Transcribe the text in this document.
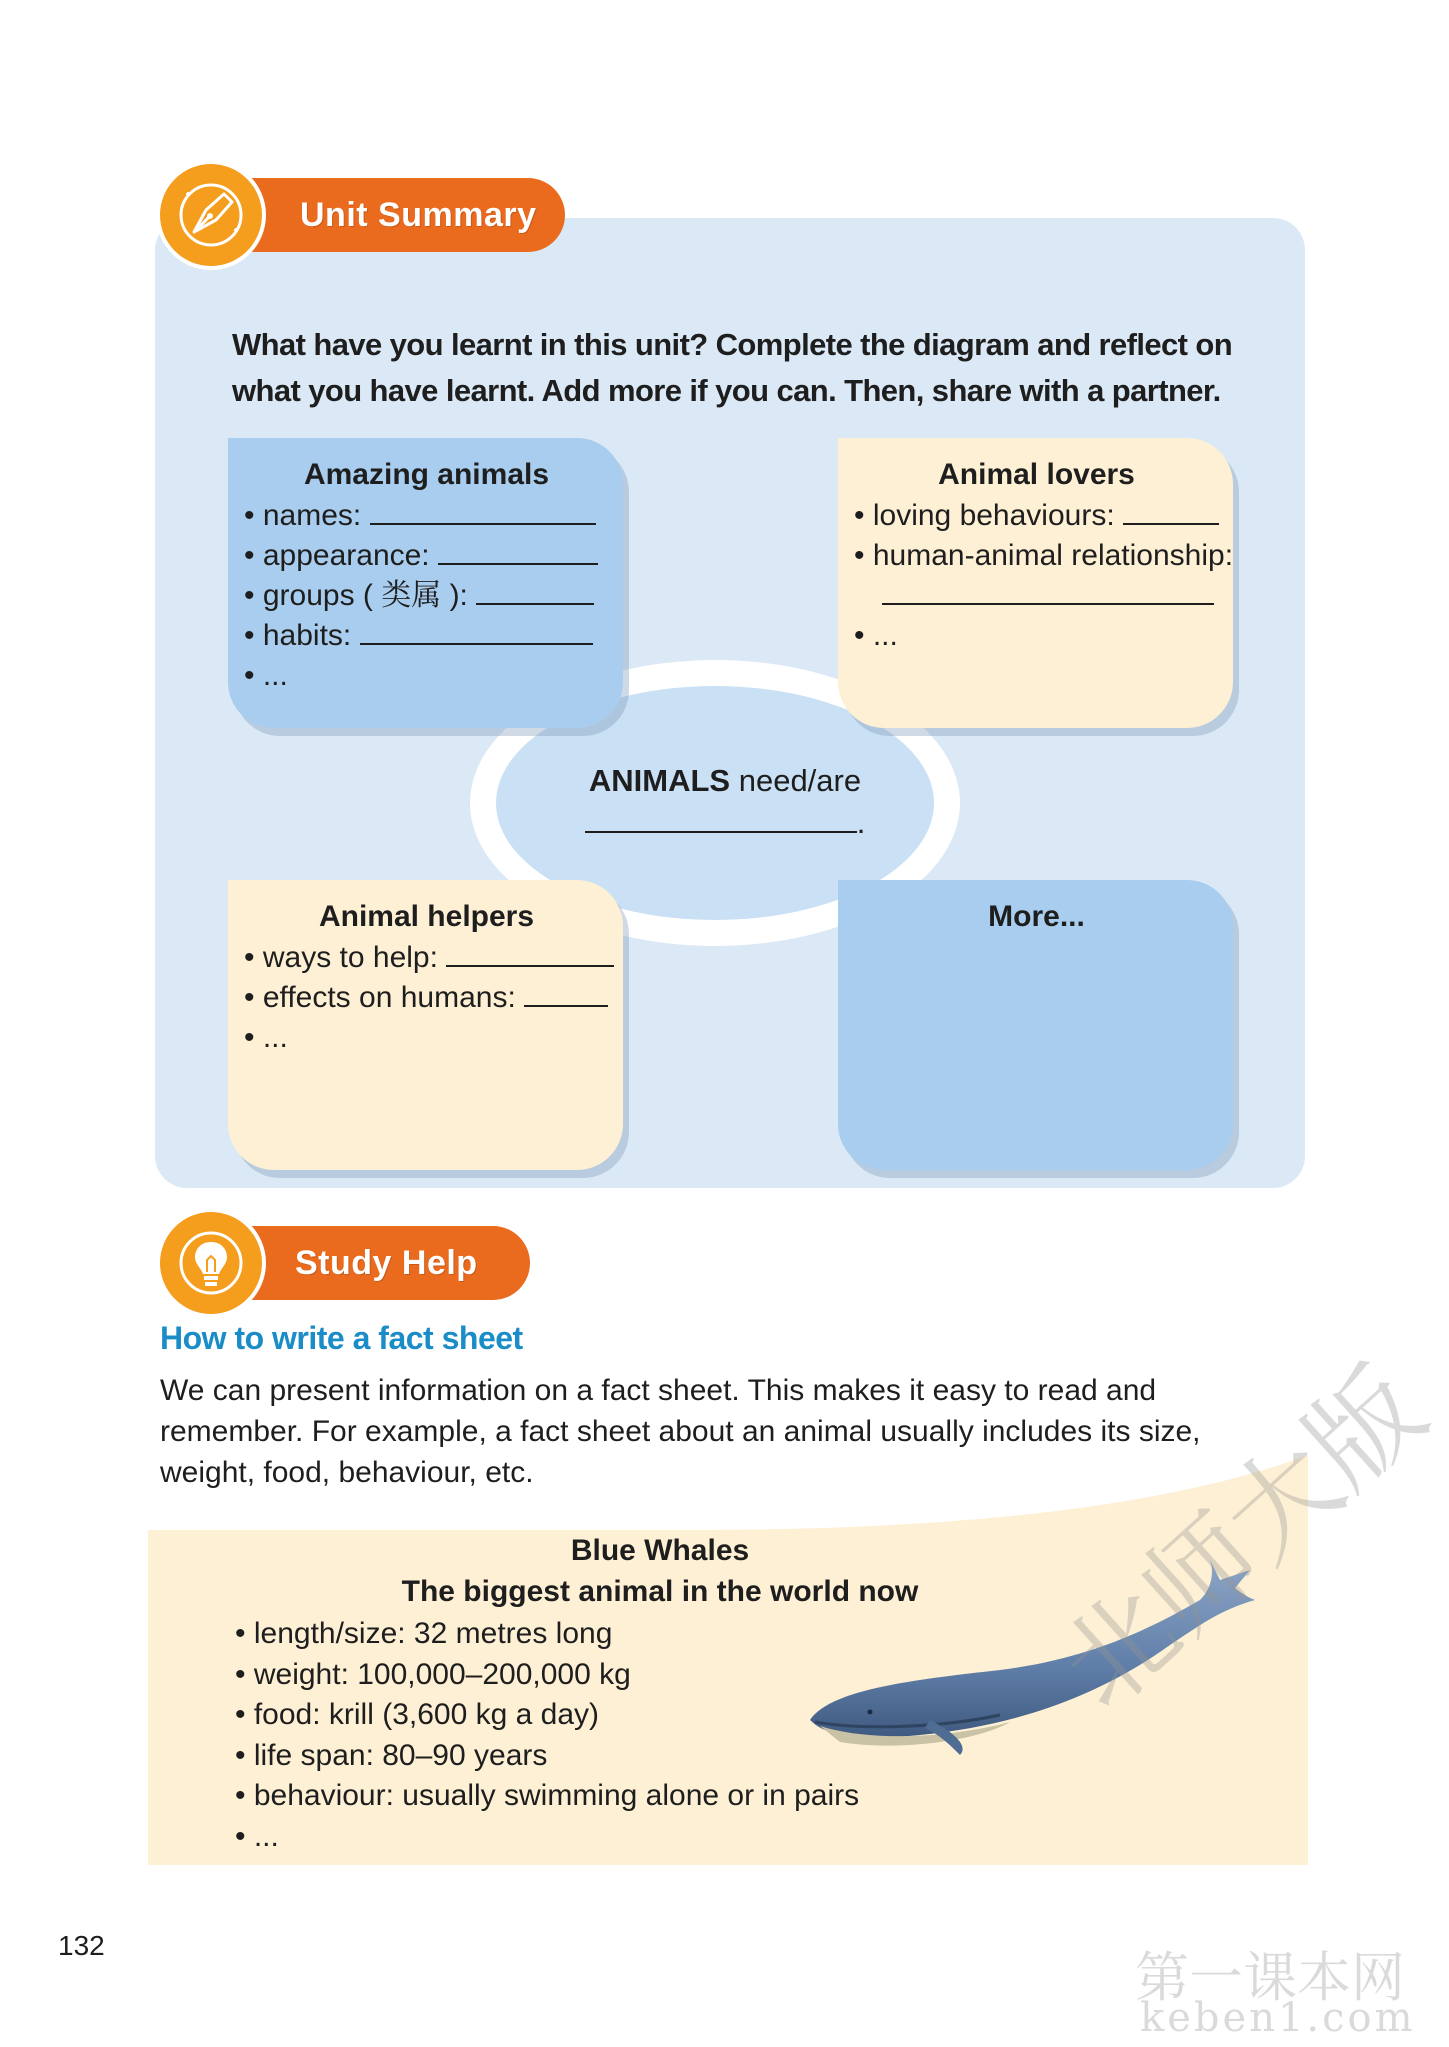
Unit Summary
What have you learnt in this unit? Complete the diagram and reflect on what you have learnt. Add more if you can. Then, share with a partner.
ANIMALS need/are
.
Amazing animals
• names:
• appearance:
• groups ( 类属 ):
• habits:
• ...
Animal lovers
• loving behaviours:
• human-animal relationship:
• ...
Animal helpers
• ways to help:
• effects on humans:
• ...
More...
Study Help
How to write a fact sheet
We can present information on a fact sheet. This makes it easy to read and remember. For example, a fact sheet about an animal usually includes its size, weight, food, behaviour, etc.
Blue Whales
The biggest animal in the world now
• length/size: 32 metres long
• weight: 100,000–200,000 kg
• food: krill (3,600 kg a day)
• life span: 80–90 years
• behaviour: usually swimming alone or in pairs
• ...
132
北师大版
第一课本网
keben1.com
